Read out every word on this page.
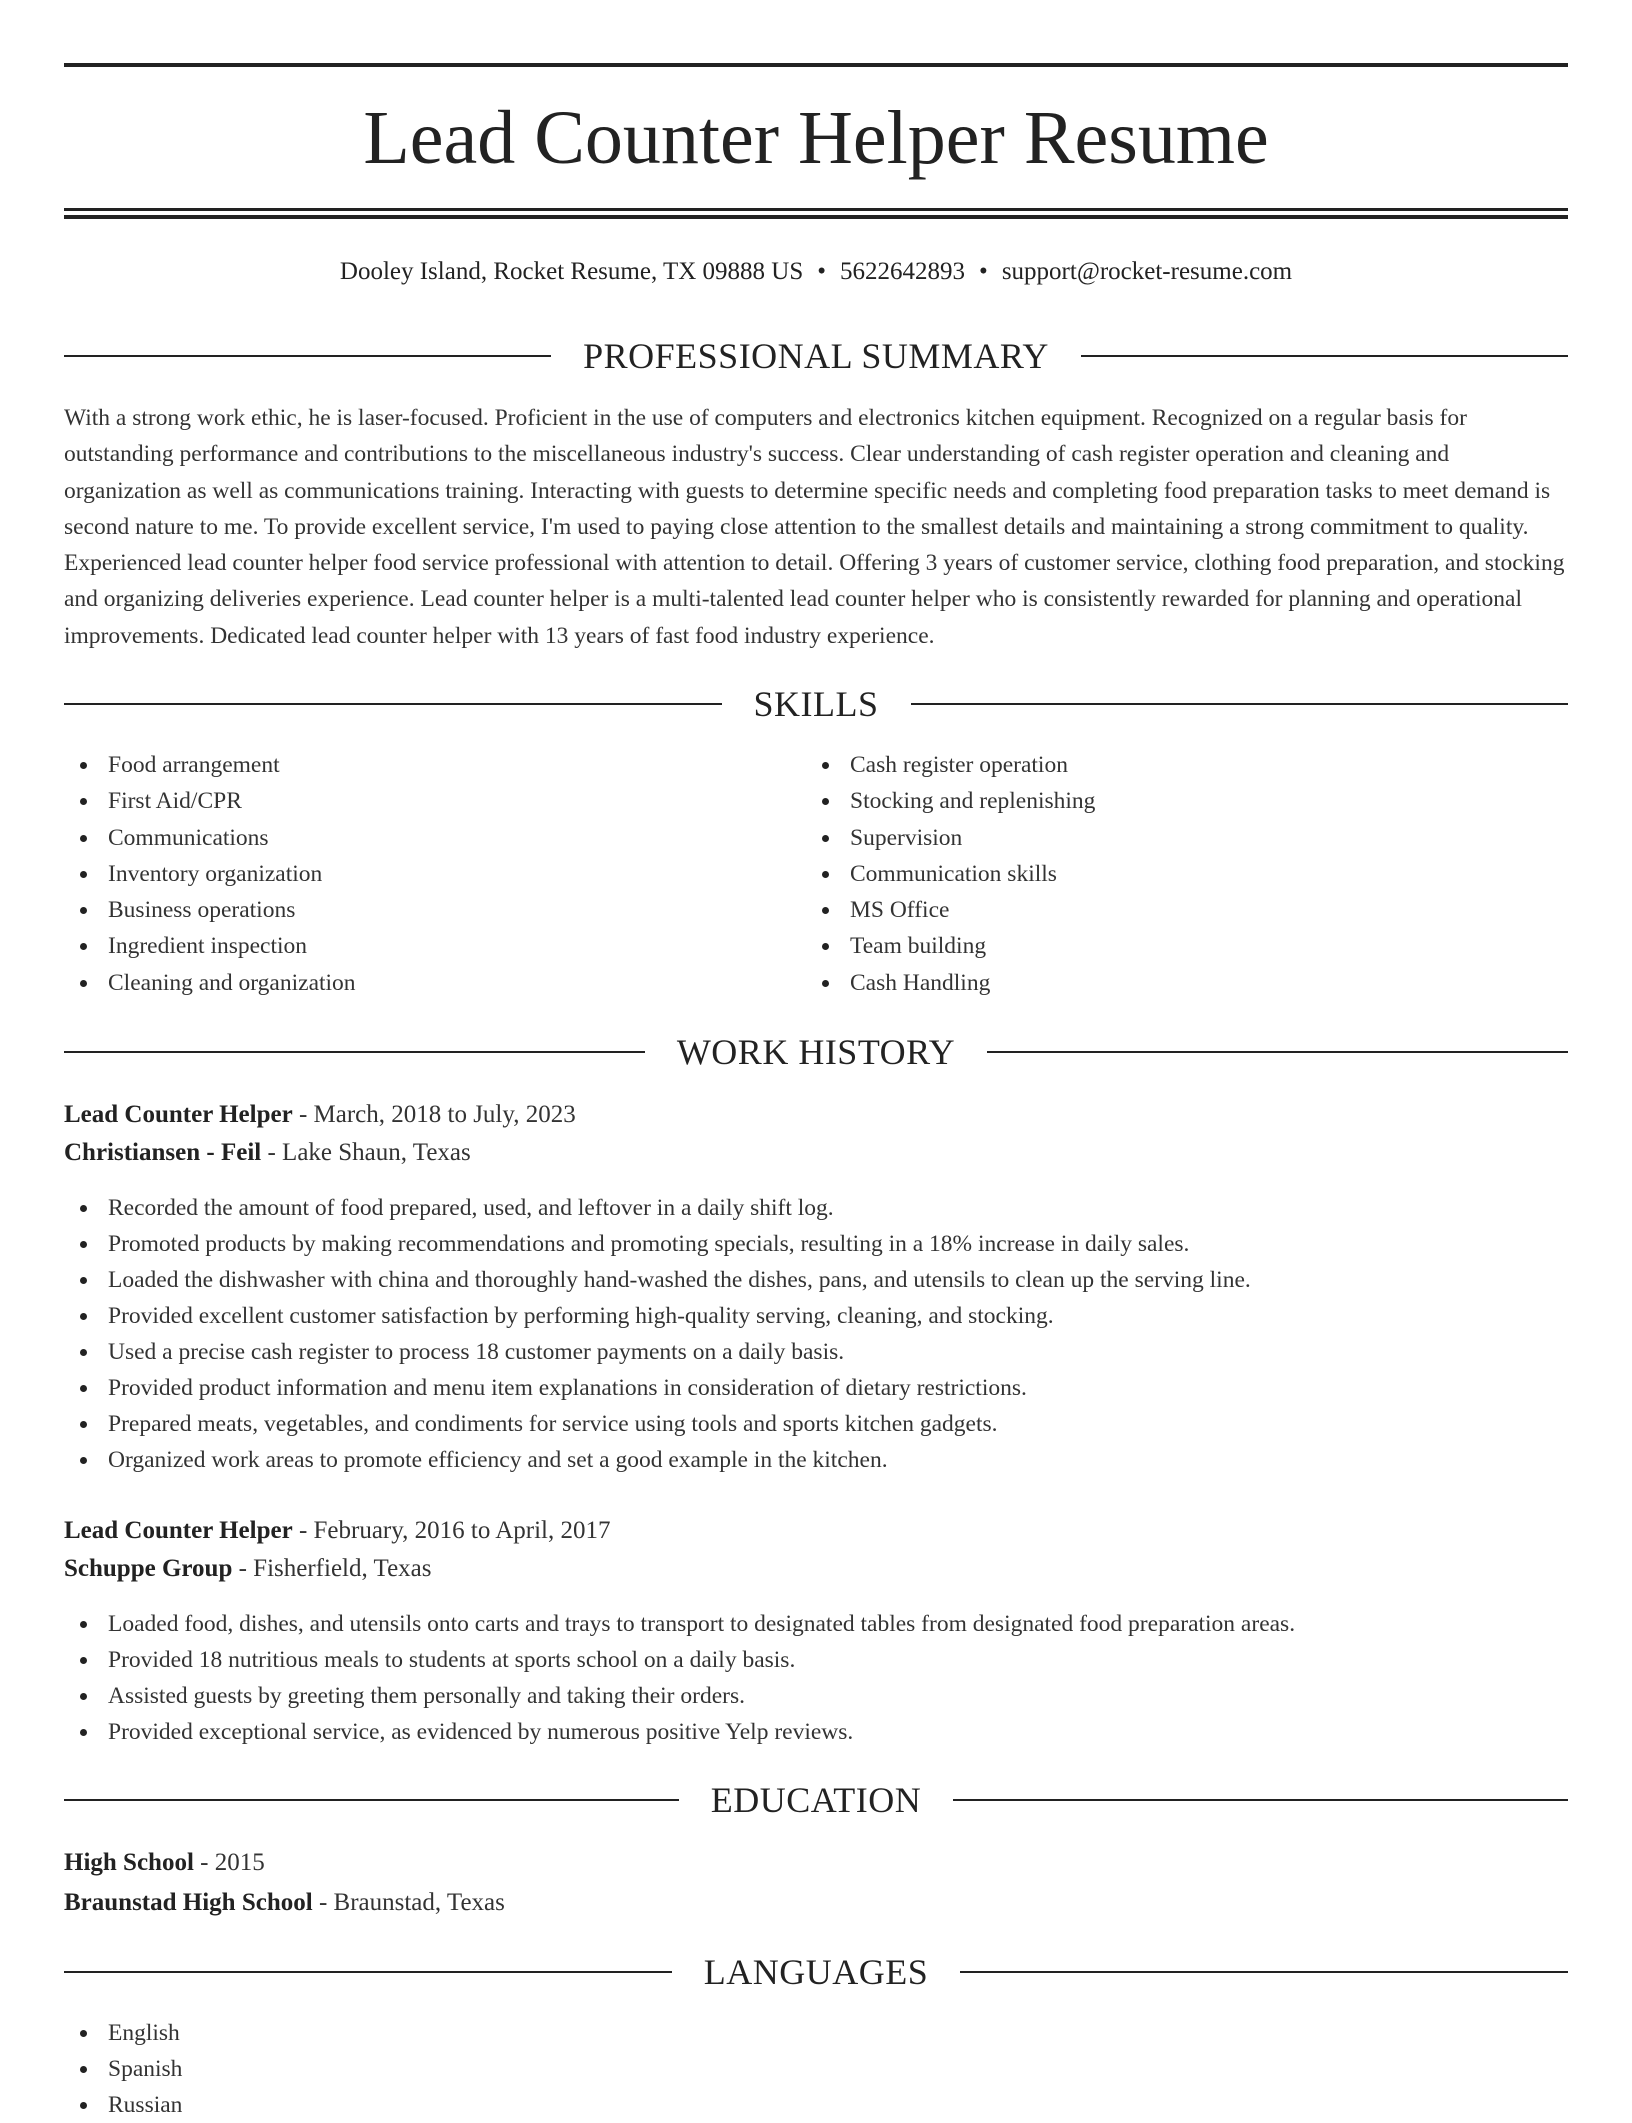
Lead Counter Helper Resume
Dooley Island, Rocket Resume, TX 09888 US • 5622642893 • support@rocket-resume.com
PROFESSIONAL SUMMARY

With a strong work ethic, he is laser-focused. Proficient in the use of computers and electronics kitchen equipment. Recognized on a regular basis for outstanding performance and contributions to the miscellaneous industry's success. Clear understanding of cash register operation and cleaning and organization as well as communications training. Interacting with guests to determine specific needs and completing food preparation tasks to meet demand is second nature to me. To provide excellent service, I'm used to paying close attention to the smallest details and maintaining a strong commitment to quality. Experienced lead counter helper food service professional with attention to detail. Offering 3 years of customer service, clothing food preparation, and stocking and organizing deliveries experience. Lead counter helper is a multi-talented lead counter helper who is consistently rewarded for planning and operational improvements. Dedicated lead counter helper with 13 years of fast food industry experience.

SKILLS
Food arrangement
First Aid/CPR
Communications
Inventory organization
Business operations
Ingredient inspection
Cleaning and organization
Cash register operation
Stocking and replenishing
Supervision
Communication skills
MS Office
Team building
Cash Handling
WORK HISTORY
Lead Counter Helper - March, 2018 to July, 2023
Christiansen - Feil - Lake Shaun, Texas
Recorded the amount of food prepared, used, and leftover in a daily shift log.
Promoted products by making recommendations and promoting specials, resulting in a 18% increase in daily sales.
Loaded the dishwasher with china and thoroughly hand-washed the dishes, pans, and utensils to clean up the serving line.
Provided excellent customer satisfaction by performing high-quality serving, cleaning, and stocking.
Used a precise cash register to process 18 customer payments on a daily basis.
Provided product information and menu item explanations in consideration of dietary restrictions.
Prepared meats, vegetables, and condiments for service using tools and sports kitchen gadgets.
Organized work areas to promote efficiency and set a good example in the kitchen.
Lead Counter Helper - February, 2016 to April, 2017
Schuppe Group - Fisherfield, Texas
Loaded food, dishes, and utensils onto carts and trays to transport to designated tables from designated food preparation areas.
Provided 18 nutritious meals to students at sports school on a daily basis.
Assisted guests by greeting them personally and taking their orders.
Provided exceptional service, as evidenced by numerous positive Yelp reviews.
EDUCATION
High School - 2015
Braunstad High School - Braunstad, Texas
LANGUAGES
English
Spanish
Russian
